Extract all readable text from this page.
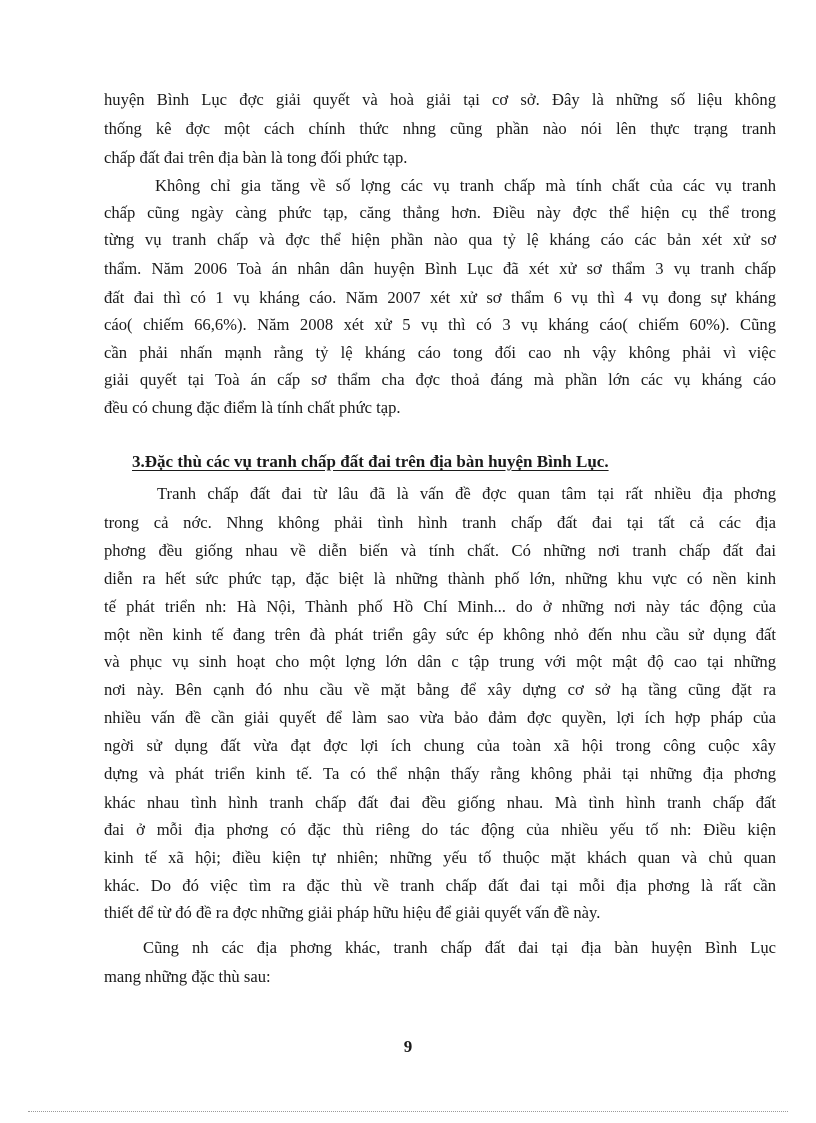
huyện Bình Lục đợc giải quyết và hoà giải tại cơ sở. Đây là những số liệu không
thống kê đợc một cách chính thức nhng cũng phần nào nói lên thực trạng tranh
chấp đất đai trên địa bàn là tong đối phức tạp.
Không chỉ gia tăng về số lợng các vụ tranh chấp mà tính chất của các vụ tranh
chấp cũng ngày càng phức tạp, căng thẳng hơn. Điều này đợc thể hiện cụ thể trong
từng vụ tranh chấp và đợc thể hiện phần nào qua tỷ lệ kháng cáo các bản xét xử sơ
thẩm. Năm 2006 Toà án nhân dân huyện Bình Lục đã xét xử sơ thẩm 3 vụ tranh chấp
đất đai thì có 1 vụ kháng cáo. Năm 2007 xét xử sơ thẩm 6 vụ thì 4 vụ đong sự kháng
cáo( chiếm 66,6%). Năm 2008 xét xử 5 vụ thì có 3 vụ kháng cáo( chiếm 60%). Cũng
cần phải nhấn mạnh rằng tỷ lệ kháng cáo tong đối cao nh vậy không phải vì việc
giải quyết tại Toà án cấp sơ thẩm cha đợc thoả đáng mà phần lớn các vụ kháng cáo
đều có chung đặc điểm là tính chất phức tạp.
3.Đặc thù các vụ tranh chấp đất đai trên địa bàn huyện Bình Lục.
Tranh chấp đất đai từ lâu đã là vấn đề đợc quan tâm tại rất nhiều địa phơng
trong cả nớc. Nhng không phải tình hình tranh chấp đất đai tại tất cả các địa
phơng đều giống nhau về diễn biến và tính chất. Có những nơi tranh chấp đất đai
diễn ra hết sức phức tạp, đặc biệt là những thành phố lớn, những khu vực có nền kinh
tế phát triển nh: Hà Nội, Thành phố Hồ Chí Minh... do ở những nơi này tác động của
một nền kinh tế đang trên đà phát triển gây sức ép không nhỏ đến nhu cầu sử dụng đất
và phục vụ sinh hoạt cho một lợng lớn dân c tập trung với một mật độ cao tại những
nơi này. Bên cạnh đó nhu cầu về mặt bằng để xây dựng cơ sở hạ tầng cũng đặt ra
nhiều vấn đề cần giải quyết để làm sao vừa bảo đảm đợc quyền, lợi ích hợp pháp của
ngời sử dụng đất vừa đạt đợc lợi ích chung của toàn xã hội trong công cuộc xây
dựng và phát triển kinh tế. Ta có thể nhận thấy rằng không phải tại những địa phơng
khác nhau tình hình tranh chấp đất đai đều giống nhau. Mà tình hình tranh chấp đất
đai ở mỗi địa phơng có đặc thù riêng do tác động của nhiều yếu tố nh: Điều kiện
kinh tế xã hội; điều kiện tự nhiên; những yếu tố thuộc mặt khách quan và chủ quan
khác. Do đó việc tìm ra đặc thù về tranh chấp đất đai tại mỗi địa phơng là rất cần
thiết để từ đó đề ra đợc những giải pháp hữu hiệu để giải quyết vấn đề này.
Cũng nh các địa phơng khác, tranh chấp đất đai tại địa bàn huyện Bình Lục
mang những đặc thù sau:
9
